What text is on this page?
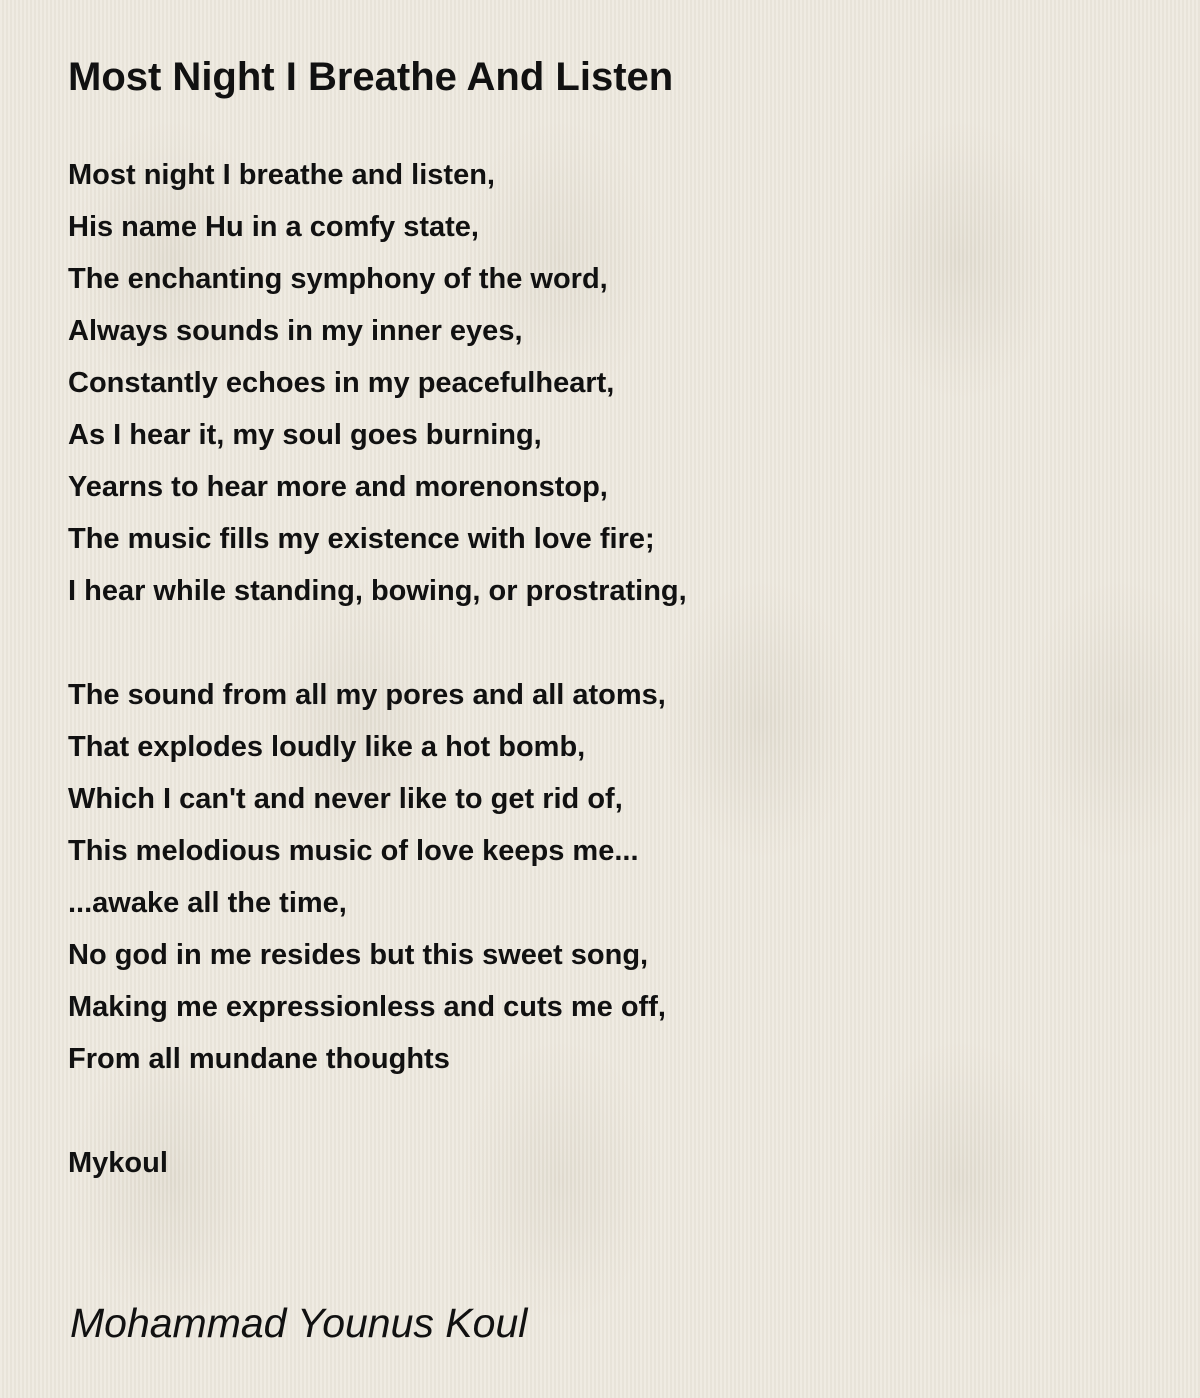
Most Night I Breathe And Listen
Most night I breathe and listen,
His name Hu in a comfy state,
The enchanting symphony of the word,
Always sounds in my inner eyes,
Constantly echoes in my peacefulheart,
As I hear it, my soul goes burning,
Yearns to hear more and morenonstop,
The music fills my existence with love fire;
I hear while standing, bowing, or prostrating,
The sound from all my pores and all atoms,
That explodes loudly like a hot bomb,
Which I can't and never like to get rid of,
This melodious music of love keeps me...
...awake all the time,
No god in me resides but this sweet song,
Making me expressionless and cuts me off,
From all mundane thoughts
Mykoul
Mohammad Younus Koul
